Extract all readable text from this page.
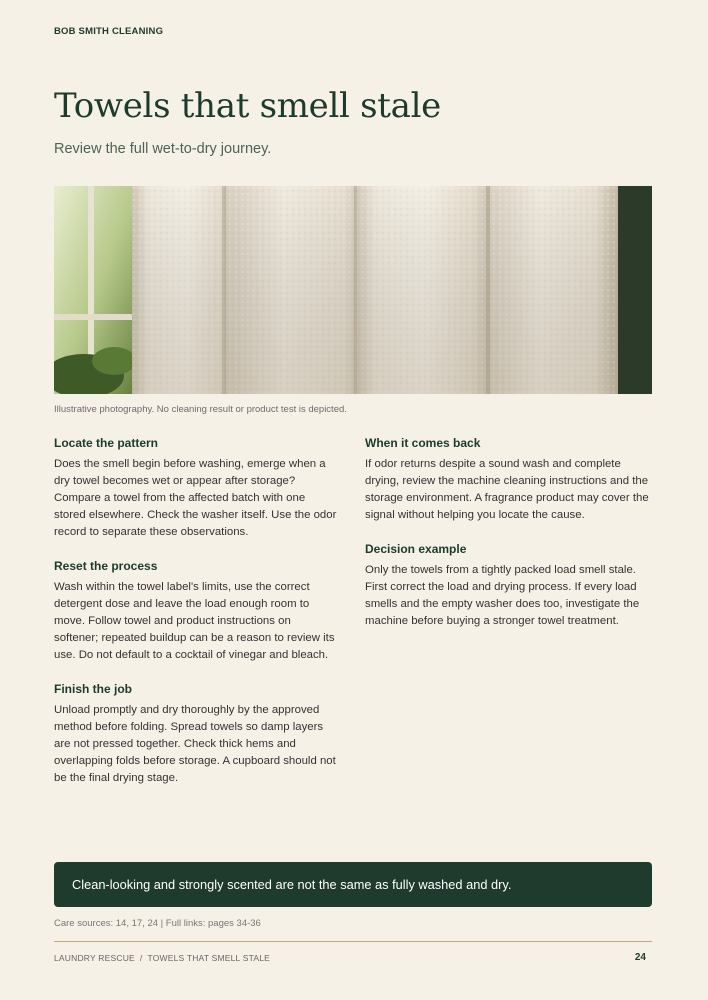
BOB SMITH CLEANING
Towels that smell stale
Review the full wet-to-dry journey.
Illustrative photography. No cleaning result or product test is depicted.
Locate the pattern

Does the smell begin before washing, emerge when a dry towel becomes wet or appear after storage? Compare a towel from the affected batch with one stored elsewhere. Check the washer itself. Use the odor record to separate these observations.

Reset the process

Wash within the towel label's limits, use the correct detergent dose and leave the load enough room to move. Follow towel and product instructions on softener; repeated buildup can be a reason to review its use. Do not default to a cocktail of vinegar and bleach.

Finish the job

Unload promptly and dry thoroughly by the approved method before folding. Spread towels so damp layers are not pressed together. Check thick hems and overlapping folds before storage. A cupboard should not be the final drying stage.

When it comes back

If odor returns despite a sound wash and complete drying, review the machine cleaning instructions and the storage environment. A fragrance product may cover the signal without helping you locate the cause.

Decision example

Only the towels from a tightly packed load smell stale. First correct the load and drying process. If every load smells and the empty washer does too, investigate the machine before buying a stronger towel treatment.

Clean-looking and strongly scented are not the same as fully washed and dry.
Care sources: 14, 17, 24 | Full links: pages 34-36
LAUNDRY RESCUE / TOWELS THAT SMELL STALE	24
